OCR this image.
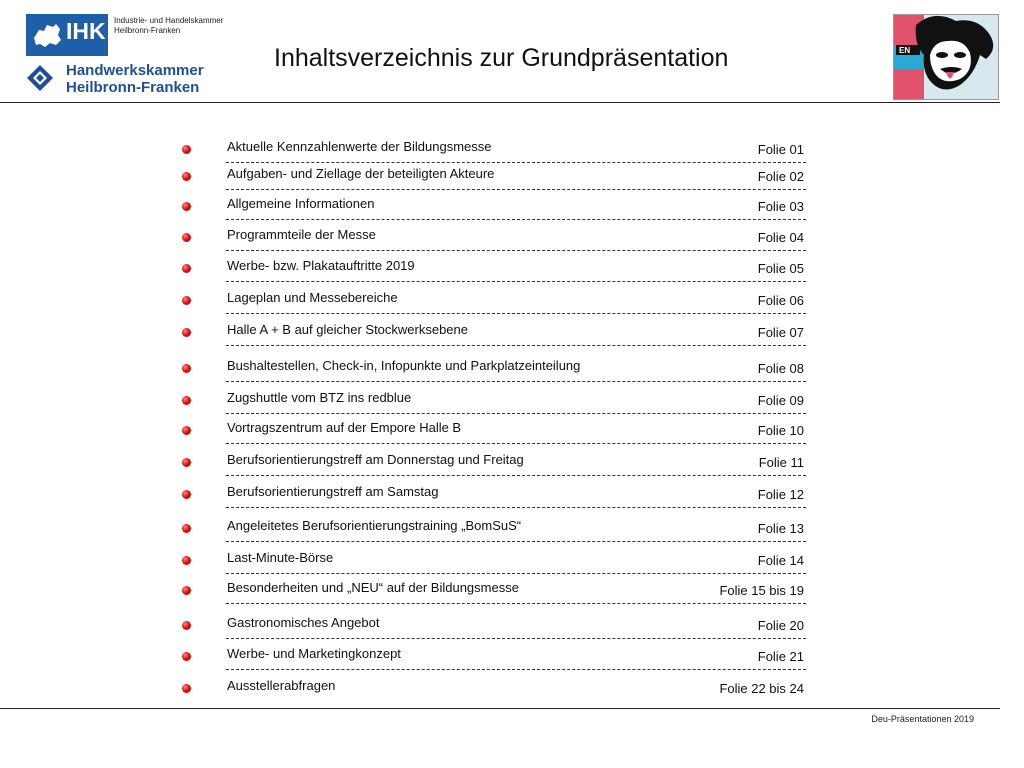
IHK Industrie- und Handelskammer
Heilbronn-Franken
Handwerkskammer
Heilbronn-Franken
Inhaltsverzeichnis zur Grundpräsentation	EN
Aktuelle Kennzahlenwerte der Bildungsmesse	Folie 01
Aufgaben- und Ziellage der beteiligten Akteure	Folie 02
Allgemeine Informationen	Folie 03
Programmteile der Messe	Folie 04
Werbe- bzw. Plakatauftritte 2019	Folie 05
Lageplan und Messebereiche	Folie 06
Halle A + B auf gleicher Stockwerksebene	Folie 07
Bushaltestellen, Check-in, Infopunkte und Parkplatzeinteilung	Folie 08
Zugshuttle vom BTZ ins redblue	Folie 09
Vortragszentrum auf der Empore Halle B	Folie 10
Berufsorientierungstreff am Donnerstag und Freitag	Folie 11
Berufsorientierungstreff am Samstag	Folie 12
Angeleitetes Berufsorientierungstraining „BomSuS“	Folie 13
Last-Minute-Börse	Folie 14
Besonderheiten und „NEU“ auf der Bildungsmesse	Folie 15 bis 19
Gastronomisches Angebot	Folie 20
Werbe- und Marketingkonzept	Folie 21
Ausstellerabfragen	Folie 22 bis 24
Deu-Präsentationen 2019
